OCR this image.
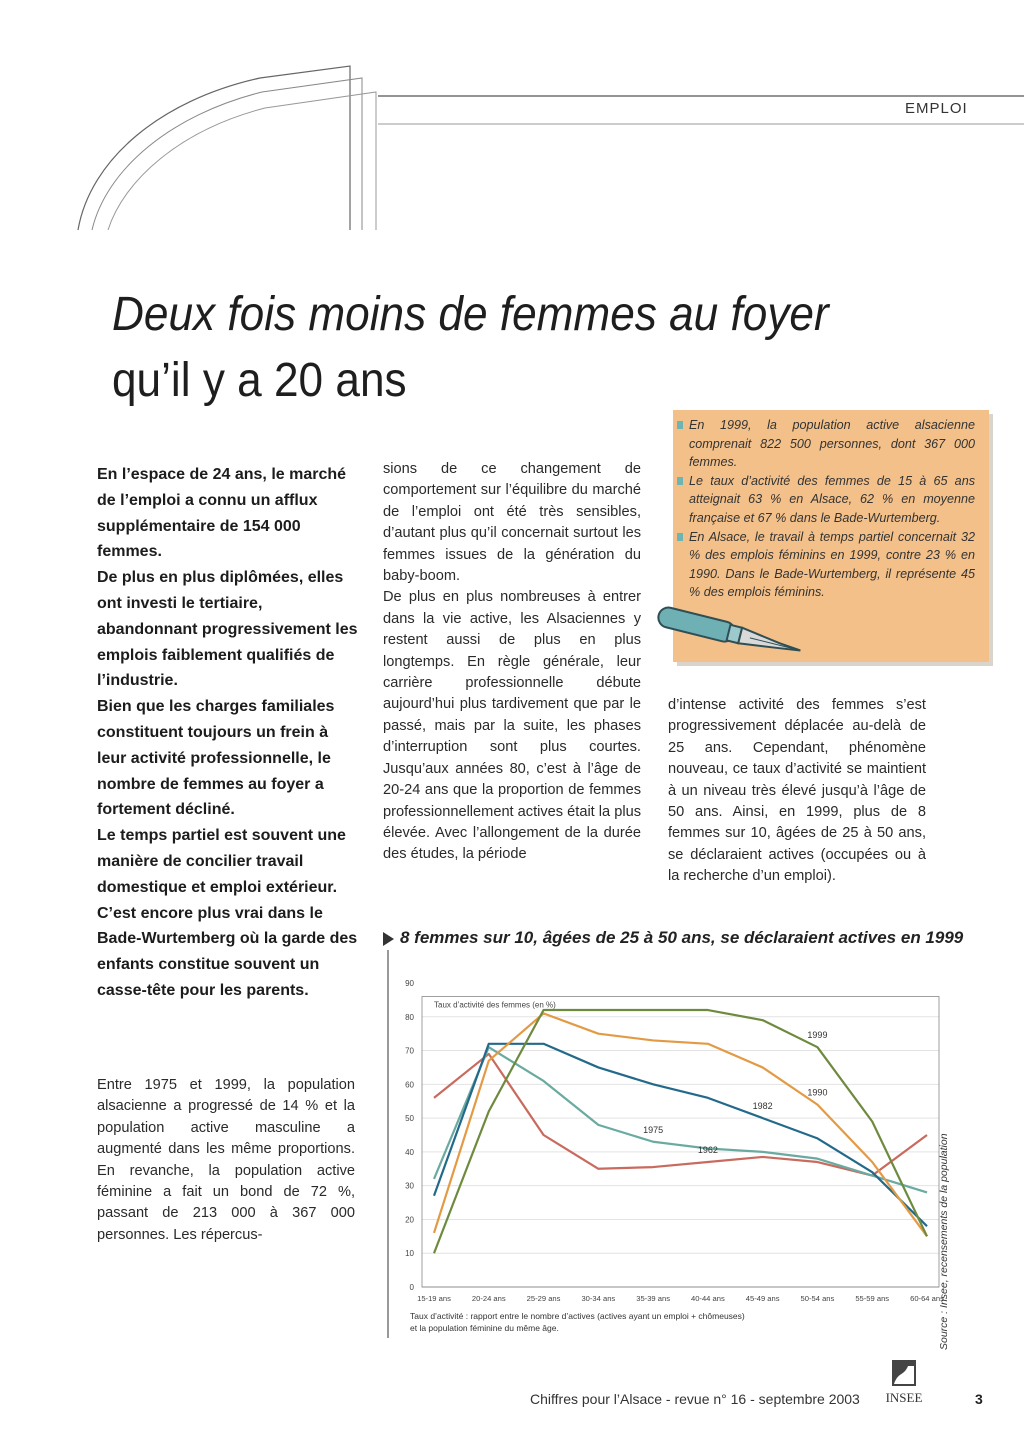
EMPLOI
Deux fois moins de femmes au foyer
qu’il y a 20 ans

En l’espace de 24 ans, le marché de l’emploi a connu un afflux supplémentaire de 154 000 femmes.

De plus en plus diplômées, elles ont investi le tertiaire, abandonnant progressivement les emplois faiblement qualifiés de l’industrie.

Bien que les charges familiales constituent toujours un frein à leur activité professionnelle, le nombre de femmes au foyer a fortement décliné.

Le temps partiel est souvent une manière de concilier travail domestique et emploi extérieur. C’est encore plus vrai dans le Bade-Wurtemberg où la garde des enfants constitue souvent un casse-tête pour les parents.

Entre 1975 et 1999, la population alsacienne a progressé de 14 % et la population active masculine a augmenté dans les même proportions. En revanche, la population active féminine a fait un bond de 72 %, passant de 213 000 à 367 000 personnes. Les répercus-

sions de ce changement de comportement sur l’équilibre du marché de l’emploi ont été très sensibles, d’autant plus qu’il concernait surtout les femmes issues de la génération du baby-boom.

De plus en plus nombreuses à entrer dans la vie active, les Alsaciennes y restent aussi de plus en plus longtemps. En règle générale, leur carrière professionnelle débute aujourd’hui plus tardivement que par le passé, mais par la suite, les phases d’interruption sont plus courtes. Jusqu’aux années 80, c’est à l’âge de 20-24 ans que la proportion de femmes professionnellement actives était la plus élevée. Avec l’allongement de la durée des études, la période

d’intense activité des femmes s’est progressivement déplacée au-delà de 25 ans. Cependant, phénomène nouveau, ce taux d’activité se maintient à un niveau très élevé jusqu’à l’âge de 50 ans. Ainsi, en 1999, plus de 8 femmes sur 10, âgées de 25 à 50 ans, se déclaraient actives (occupées ou à la recherche d’un emploi).

En 1999, la population active alsacienne comprenait 822 500 personnes, dont 367 000 femmes.
Le taux d’activité des femmes de 15 à 65 ans atteignait 63 % en Alsace, 62 % en moyenne française et 67 % dans le Bade-Wurtemberg.
En Alsace, le travail à temps partiel concernait 32 % des emplois féminins en 1999, contre 23 % en 1990. Dans le Bade-Wurtemberg, il représente 45 % des emplois féminins.
8 femmes sur 10, âgées de 25 à 50 ans, se déclaraient actives en 1999
Taux d’activité des femmes (en %)
0
10
20
30
40
50
60
70
80
90
15-19 ans	20-24 ans	25-29 ans	30-34 ans	35-39 ans	40-44 ans	45-49 ans	50-54 ans	55-59 ans	60-64 ans
1962
1975
1982
1990
1999
Taux d’activité : rapport entre le nombre d’actives (actives ayant un emploi + chômeuses)
et la population féminine du même âge.	Source : Insee, recensements de la population
Chiffres pour l’Alsace - revue n° 16 - septembre 2003 INSEE	3
